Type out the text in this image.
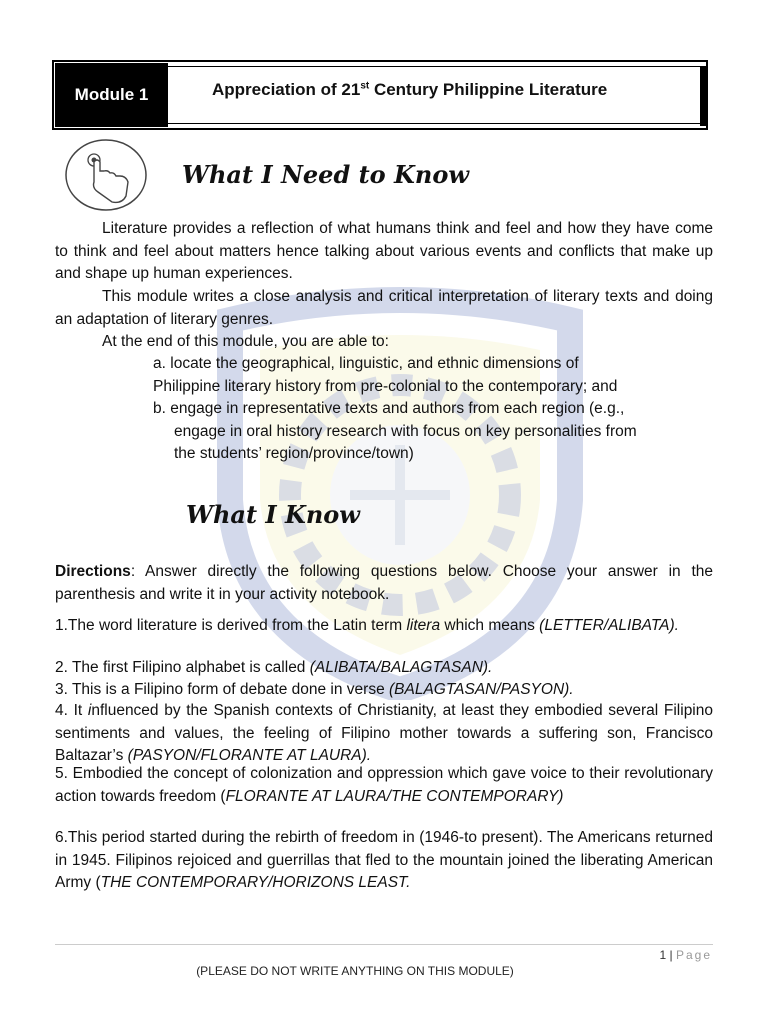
Module 1	Appreciation of 21st Century Philippine Literature
What I Need to Know

Literature provides a reflection of what humans think and feel and how they have come to think and feel about matters hence talking about various events and conflicts that make up and shape up human experiences.

This module writes a close analysis and critical interpretation of literary texts and doing an adaptation of literary genres.

At the end of this module, you are able to:

a. locate the geographical, linguistic, and ethnic dimensions of

Philippine literary history from pre-colonial to the contemporary; and

b. engage in representative texts and authors from each region (e.g.,

engage in oral history research with focus on key personalities from

the students’ region/province/town)

What I Know

Directions: Answer directly the following questions below. Choose your answer in the parenthesis and write it in your activity notebook.

1.The word literature is derived from the Latin term litera which means (LETTER/ALIBATA).

2. The first Filipino alphabet is called (ALIBATA/BALAGTASAN).

3. This is a Filipino form of debate done in verse (BALAGTASAN/PASYON).

4. It influenced by the Spanish contexts of Christianity, at least they embodied several Filipino sentiments and values, the feeling of Filipino mother towards a suffering son, Francisco Baltazar’s (PASYON/FLORANTE AT LAURA).

5. Embodied the concept of colonization and oppression which gave voice to their revolutionary action towards freedom (FLORANTE AT LAURA/THE CONTEMPORARY)

6.This period started during the rebirth of freedom in (1946-to present). The Americans returned in 1945. Filipinos rejoiced and guerrillas that fled to the mountain joined the liberating American Army (THE CONTEMPORARY/HORIZONS LEAST.

1 | Page
(PLEASE DO NOT WRITE ANYTHING ON THIS MODULE)
